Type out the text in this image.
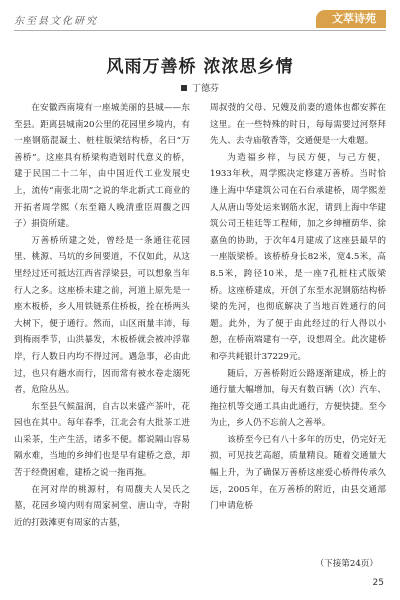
东至县文化研究	文萃诗苑
风雨万善桥 浓浓思乡情
丁德芬

在安徽西南境有一座城美丽的县城——东至县。距离县城南20公里的花园里乡境内，有一座钢筋混凝土、桩柱版梁结构桥，名曰“万善桥”。这座具有桥梁构造划时代意义的桥，建于民国二十二年，由中国近代工业发展史上，流传“南张北周”之说的华北新式工商业的开拓者周学熙（东至籍人晚清重臣周馥之四子）捐资所建。

万善桥所建之处，曾经是一条通往花园里、桃源、马坑的乡间要道，不仅如此，从这里经过还可抵达江西省浮梁县，可以想象当年行人之多。这座桥未建之前，河道上原先是一座木板桥，乡人用铁链系住桥板，拴在桥两头大树下，便于通行。然而，山区雨量丰沛，每到梅雨季节，山洪暴发，木板桥就会被冲浮靠岸，行人数日内均不得过河。遇急事，必由此过，也只有趟水而行，因而常有被水卷走溺死者，危险丛丛。

东至县气候温润，自古以来盛产茶叶，花园也在其中。每年春季，江北会有大批茶工进山采茶，生产生活，诸多不便。都说隔山容易隔水难，当地的乡绅们也是早有建桥之意，却苦于经费困难，建桥之说一拖再拖。

在河对岸的桃源村，有周馥夫人吴氏之墓，花园乡境内则有周家祠堂、唐山寺，寺附近的打鼓滩更有周家的古墓，

周叔弢的父母、兄嫂及前妻的遗体也都安葬在这里。在一些特殊的时日，每每需要过河祭拜先人、去寺庙敬香等，交通便是一大难题。

为造福乡梓，与民方便，与己方便，1933年秋，周学熙决定修建万善桥。当时恰逢上海中华建筑公司在石台承建桥，周学熙差人从唐山等处运来钢筋水泥，请到上海中华建筑公司王桂廷等工程师，加之乡绅檀荫华、徐嘉鱼的协助，于次年4月建成了这座县最早的一座版梁桥。该桥桥身长82米，宽4.5米，高8.5米，跨径10米，是一座7孔桩柱式版梁桥。这座桥建成，开创了东至水泥钢筋结构桥梁的先河，也彻底解决了当地百姓通行的问题。此外，为了便于由此经过的行人得以小憩，在桥南端建有一亭，设想周全。此次建桥和亭共耗银计37229元。

随后，万善桥附近公路逐渐建成，桥上的通行量大幅增加，每天有数百辆（次）汽车、拖拉机等交通工具由此通行，方便快捷。至今为止，乡人仍不忘前人之善举。

该桥至今已有八十多年的历史，仍完好无损，可见技艺高超，质量精良。随着交通量大幅上升，为了确保万善桥这座爱心桥得传承久远，2005年，在万善桥的附近，由县交通部门申请危桥

（下接第24页）
25
